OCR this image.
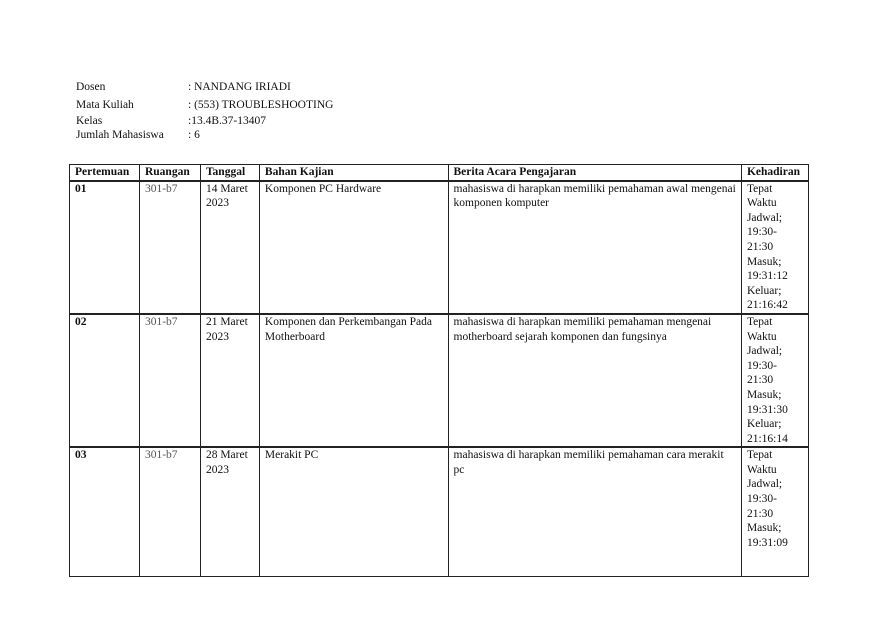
Dosen	: NANDANG IRIADI
Mata Kuliah	: (553) TROUBLESHOOTING
Kelas	:13.4B.37-13407
Jumlah Mahasiswa	: 6
Pertemuan	Ruangan	Tanggal	Bahan Kajian	Berita Acara Pengajaran	Kehadiran
01	301-b7	14 Maret 2023	Komponen PC Hardware	mahasiswa di harapkan memiliki pemahaman awal mengenai komponen komputer	Tepat Waktu Jadwal; 19:30-21:30 Masuk; 19:31:12 Keluar; 21:16:42
02	301-b7	21 Maret 2023	Komponen dan Perkembangan Pada Motherboard	mahasiswa di harapkan memiliki pemahaman mengenai motherboard sejarah komponen dan fungsinya	Tepat Waktu Jadwal; 19:30-21:30 Masuk; 19:31:30 Keluar; 21:16:14
03	301-b7	28 Maret 2023	Merakit PC	mahasiswa di harapkan memiliki pemahaman cara merakit pc	Tepat Waktu Jadwal; 19:30-21:30 Masuk; 19:31:09
